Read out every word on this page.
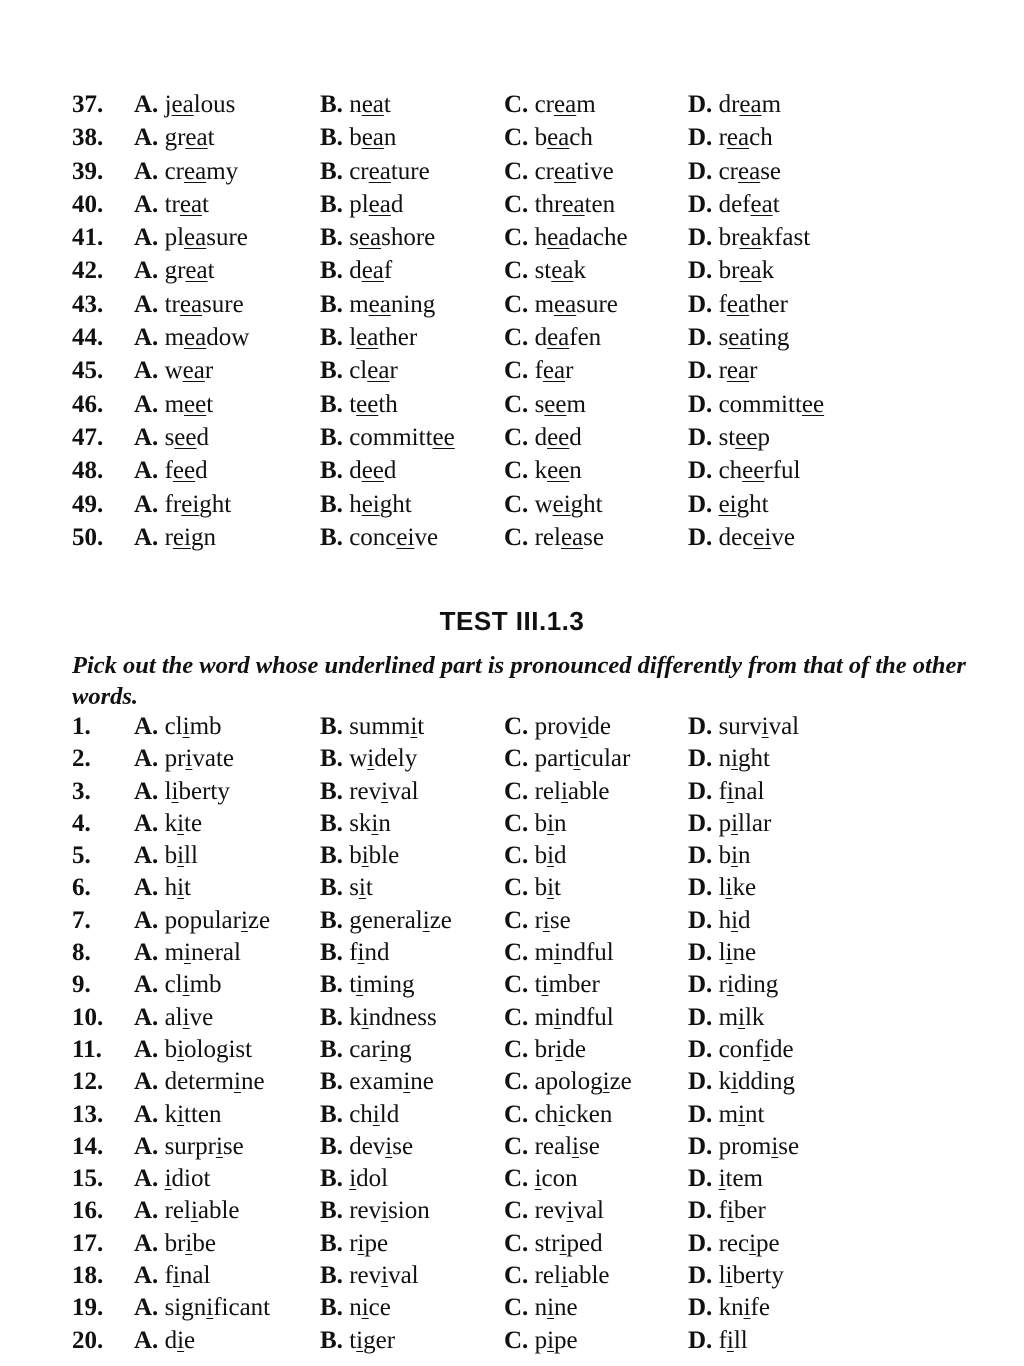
37. A. jealous	B. neat	C. cream	D. dream
38. A. great	B. bean	C. beach	D. reach
39. A. creamy	B. creature	C. creative	D. crease
40. A. treat	B. plead	C. threaten	D. defeat
41. A. pleasure	B. seashore	C. headache D. breakfast
42. A. great	B. deaf	C. steak	D. break
43. A. treasure	B. meaning	C. measure	D. feather
44. A. meadow	B. leather	C. deafen	D. seating
45. A. wear	B. clear	C. fear	D. rear
46. A. meet	B. teeth	C. seem	D. committee
47. A. seed	B. committee C. deed	D. steep
48. A. feed	B. deed	C. keen	D. cheerful
49. A. freight	B. height	C. weight	D. eight
50. A. reign	B. conceive	C. release	D. deceive
TEST III.1.3
Pick out the word whose underlined part is pronounced differently from that of the other words.
1. A. climb	B. summit	C. provide	D. survival
2. A. private	B. widely	C. particular D. night
3. A. liberty	B. revival	C. reliable	D. final
4. A. kite	B. skin	C. bin	D. pillar
5. A. bill	B. bible	C. bid	D. bin
6. A. hit	B. sit	C. bit	D. like
7. A. popularize B. generalize C. rise	D. hid
8. A. mineral	B. find	C. mindful	D. line
9. A. climb	B. timing	C. timber	D. riding
10. A. alive	B. kindness	C. mindful	D. milk
11. A. biologist	B. caring	C. bride	D. confide
12. A. determine B. examine	C. apologize D. kidding
13. A. kitten	B. child	C. chicken	D. mint
14. A. surprise	B. devise	C. realise	D. promise
15. A. idiot	B. idol	C. icon	D. item
16. A. reliable	B. revision	C. revival	D. fiber
17. A. bribe	B. ripe	C. striped	D. recipe
18. A. final	B. revival	C. reliable	D. liberty
19. A. significant B. nice	C. nine	D. knife
20. A. die	B. tiger	C. pipe	D. fill
